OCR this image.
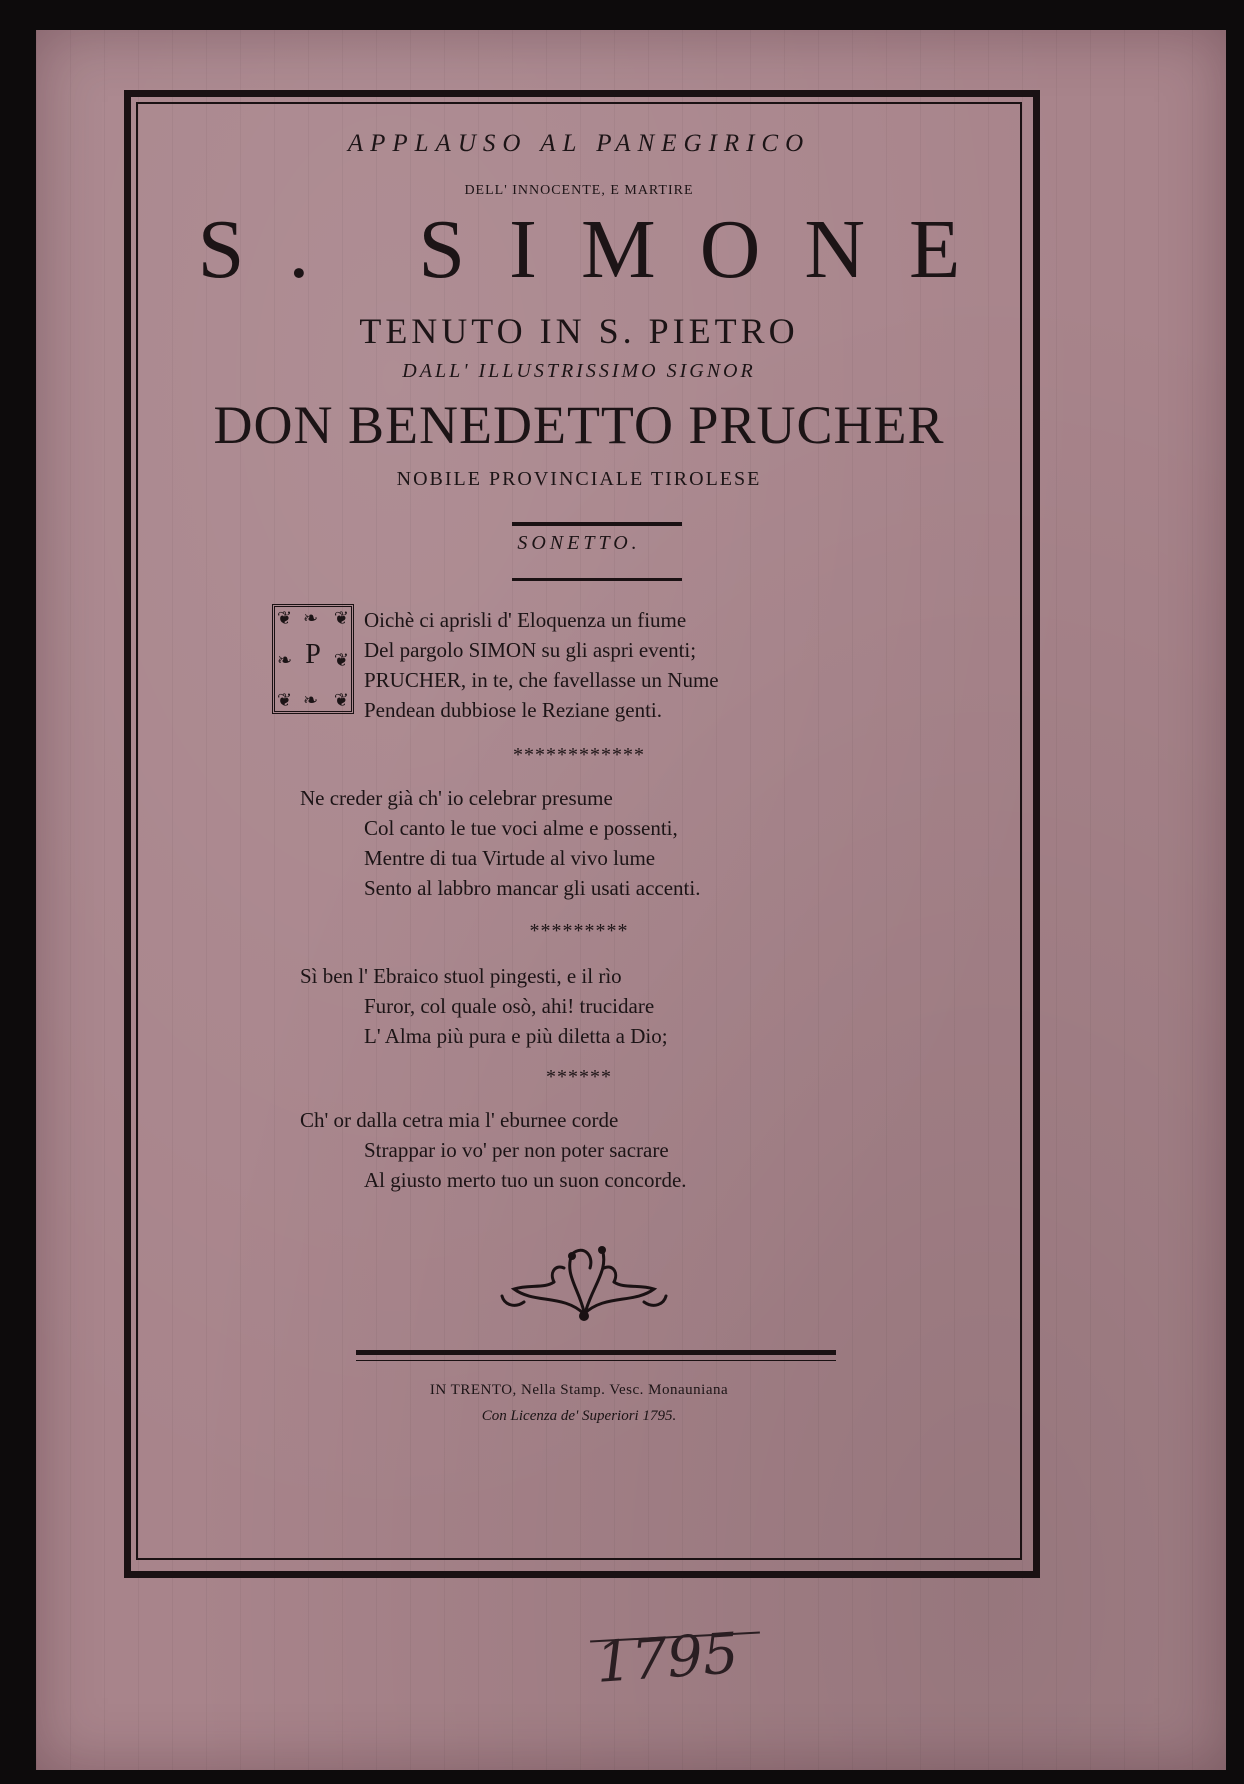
APPLAUSO AL PANEGIRICO
DELL' INNOCENTE, E MARTIRE
S. SIMONE
TENUTO IN S. PIETRO
DALL' ILLUSTRISSIMO SIGNOR
DON BENEDETTO PRUCHER
NOBILE PROVINCIALE TIROLESE
SONETTO.
❦ ❧ ❦
❧ ❦
❦ ❧ ❦
P
Oichè ci aprisli d' Eloquenza un fiume
Del pargolo SIMON su gli aspri eventi;
PRUCHER, in te, che favellasse un Nume
Pendean dubbiose le Reziane genti.
************
Ne creder già ch' io celebrar presume
Col canto le tue voci alme e possenti,
Mentre di tua Virtude al vivo lume
Sento al labbro mancar gli usati accenti.
*********
Sì ben l' Ebraico stuol pingesti, e il rìo
Furor, col quale osò, ahi! trucidare
L' Alma più pura e più diletta a Dio;
******
Ch' or dalla cetra mia l' eburnee corde
Strappar io vo' per non poter sacrare
Al giusto merto tuo un suon concorde.
IN TRENTO, Nella Stamp. Vesc. Monauniana
Con Licenza de' Superiori 1795.
1795
